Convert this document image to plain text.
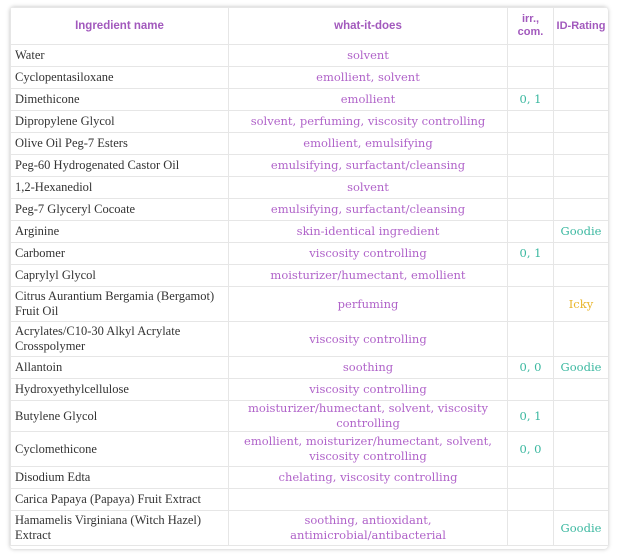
Ingredient name	what-it-does	irr., com.	ID-Rating
Water	solvent		
Cyclopentasiloxane	emollient, solvent		
Dimethicone	emollient	0, 1	
Dipropylene Glycol	solvent, perfuming, viscosity controlling		
Olive Oil Peg-7 Esters	emollient, emulsifying		
Peg-60 Hydrogenated Castor Oil	emulsifying, surfactant/cleansing		
1,2-Hexanediol	solvent		
Peg-7 Glyceryl Cocoate	emulsifying, surfactant/cleansing		
Arginine	skin-identical ingredient		Goodie
Carbomer	viscosity controlling	0, 1	
Caprylyl Glycol	moisturizer/humectant, emollient		
Citrus Aurantium Bergamia (Bergamot) Fruit Oil	perfuming		Icky
Acrylates/C10-30 Alkyl Acrylate Crosspolymer	viscosity controlling		
Allantoin	soothing	0, 0	Goodie
Hydroxyethylcellulose	viscosity controlling		
Butylene Glycol	moisturizer/humectant, solvent, viscosity controlling	0, 1	
Cyclomethicone	emollient, moisturizer/humectant, solvent, viscosity controlling	0, 0	
Disodium Edta	chelating, viscosity controlling		
Carica Papaya (Papaya) Fruit Extract			
Hamamelis Virginiana (Witch Hazel) Extract	soothing, antioxidant, antimicrobial/antibacterial		Goodie
